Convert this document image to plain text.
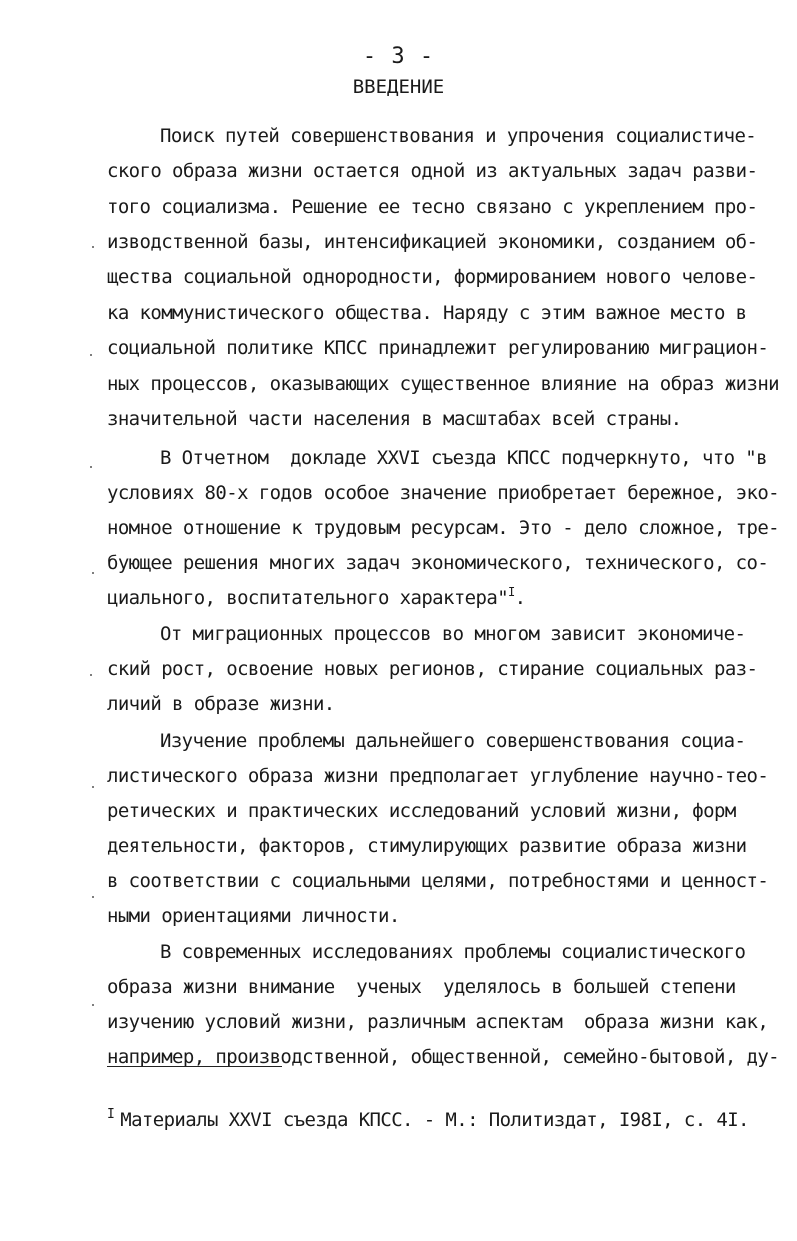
- 3 -
ВВЕДЕНИЕ
Поиск путей совершенствования и упрочения социалистиче-
ского образа жизни остается одной из актуальных задач разви-
того социализма. Решение ее тесно связано с укреплением про-
изводственной базы, интенсификацией экономики, созданием об-
щества социальной однородности, формированием нового челове-
ка коммунистического общества. Наряду с этим важное место в
социальной политике КПСС принадлежит регулированию миграцион-
ных процессов, оказывающих существенное влияние на образ жизни
значительной части населения в масштабах всей страны.
В Отчетном  докладе XXVI съезда КПСС подчеркнуто, что "в
условиях 80-х годов особое значение приобретает бережное, эко-
номное отношение к трудовым ресурсам. Это - дело сложное, тре-
бующее решения многих задач экономического, технического, со-
циального, воспитательного характера"$^I$.
От миграционных процессов во многом зависит экономиче-
ский рост, освоение новых регионов, стирание социальных раз-
личий в образе жизни.
Изучение проблемы дальнейшего совершенствования социа-
листического образа жизни предполагает углубление научно-тео-
ретических и практических исследований условий жизни, форм
деятельности, факторов, стимулирующих развитие образа жизни
в соответствии с социальными целями, потребностями и ценност-
ными ориентациями личности.
В современных исследованиях проблемы социалистического
образа жизни внимание  ученых  уделялось в большей степени
изучению условий жизни, различным аспектам  образа жизни как,
например, производственной, общественной, семейно-бытовой, ду-
$^I$ Материалы XXVI съезда КПСС. - М.: Политиздат, I98I, с. 4I.
